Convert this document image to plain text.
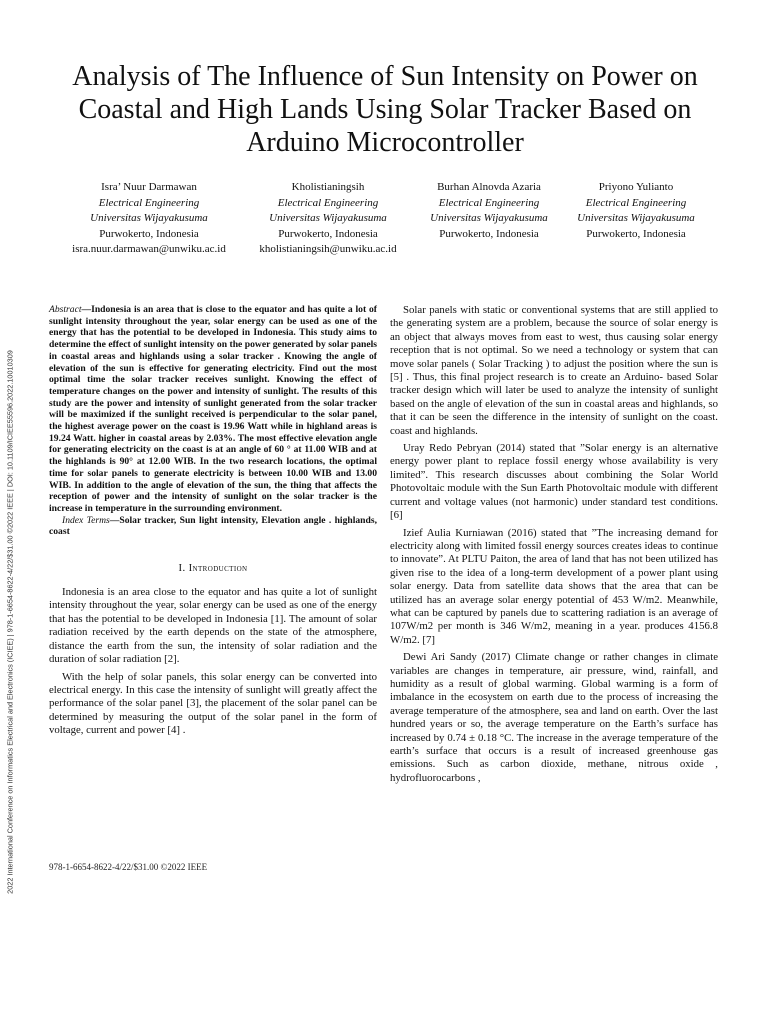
2022 International Conference on Informatics Electrical and Electronics (ICIEE) | 978-1-6654-8622-4/22/$31.00 ©2022 IEEE | DOI: 10.1109/ICIEE55596.2022.10010309
Analysis of The Influence of Sun Intensity on Power on Coastal and High Lands Using Solar Tracker Based on Arduino Microcontroller
Isra’ Nuur Darmawan
Electrical Engineering
Universitas Wijayakusuma
Purwokerto, Indonesia
isra.nuur.darmawan@unwiku.ac.id
Kholistianingsih
Electrical Engineering
Universitas Wijayakusuma
Purwokerto, Indonesia
kholistianingsih@unwiku.ac.id
Burhan Alnovda Azaria
Electrical Engineering
Universitas Wijayakusuma
Purwokerto, Indonesia
Priyono Yulianto
Electrical Engineering
Universitas Wijayakusuma
Purwokerto, Indonesia

Abstract—Indonesia is an area that is close to the equator and has quite a lot of sunlight intensity throughout the year, solar energy can be used as one of the energy that has the potential to be developed in Indonesia. This study aims to determine the effect of sunlight intensity on the power generated by solar panels in coastal areas and highlands using a solar tracker . Knowing the angle of elevation of the sun is effective for generating electricity. Find out the most optimal time the solar tracker receives sunlight. Knowing the effect of temperature changes on the power and intensity of sunlight. The results of this study are the power and intensity of sunlight generated from the solar tracker will be maximized if the sunlight received is perpendicular to the solar panel, the highest average power on the coast is 19.96 Watt while in highland areas is 19.24 Watt. higher in coastal areas by 2.03%. The most effective elevation angle for generating electricity on the coast is at an angle of 60 ° at 11.00 WIB and at the highlands is 90° at 12.00 WIB. In the two research locations, the optimal time for solar panels to generate electricity is between 10.00 WIB and 13.00 WIB. In addition to the angle of elevation of the sun, the thing that affects the reception of power and the intensity of sunlight on the solar tracker is the increase in temperature in the surrounding environment.

Index Terms—Solar tracker, Sun light intensity, Elevation angle . highlands, coast

I. Introduction

Indonesia is an area close to the equator and has quite a lot of sunlight intensity throughout the year, solar energy can be used as one of the energy that has the potential to be developed in Indonesia [1]. The amount of solar radiation received by the earth depends on the state of the atmosphere, distance the earth from the sun, the intensity of solar radiation and the duration of solar radiation [2].

With the help of solar panels, this solar energy can be converted into electrical energy. In this case the intensity of sunlight will greatly affect the performance of the solar panel [3], the placement of the solar panel can be determined by measuring the output of the solar panel in the form of voltage, current and power [4] .

Solar panels with static or conventional systems that are still applied to the generating system are a problem, because the source of solar energy is an object that always moves from east to west, thus causing solar energy reception that is not optimal. So we need a technology or system that can move solar panels ( Solar Tracking ) to adjust the position where the sun is [5] . Thus, this final project research is to create an Arduino- based Solar tracker design which will later be used to analyze the intensity of sunlight based on the angle of elevation of the sun in coastal areas and highlands, so that it can be seen the difference in the intensity of sunlight on the coast. coast and highlands.

Uray Redo Pebryan (2014) stated that ”Solar energy is an alternative energy power plant to replace fossil energy whose availability is very limited”. This research discusses about combining the Solar World Photovoltaic module with the Sun Earth Photovoltaic module with different current and voltage values (not harmonic) under standard test conditions. [6]

Izief Aulia Kurniawan (2016) stated that ”The increasing demand for electricity along with limited fossil energy sources creates ideas to continue to innovate”. At PLTU Paiton, the area of land that has not been utilized has given rise to the idea of a long-term development of a power plant using solar energy. Data from satellite data shows that the area that can be utilized has an average solar energy potential of 453 W/m2. Meanwhile, what can be captured by panels due to scattering radiation is an average of 107W/m2 per month is 346 W/m2, meaning in a year. produces 4156.8 W/m2. [7]

Dewi Ari Sandy (2017) Climate change or rather changes in climate variables are changes in temperature, air pressure, wind, rainfall, and humidity as a result of global warming. Global warming is a form of imbalance in the ecosystem on earth due to the process of increasing the average temperature of the atmosphere, sea and land on earth. Over the last hundred years or so, the average temperature on the Earth’s surface has increased by 0.74 ± 0.18 °C. The increase in the average temperature of the earth’s surface that occurs is a result of increased greenhouse gas emissions. Such as carbon dioxide, methane, nitrous oxide , hydrofluorocarbons ,

978-1-6654-8622-4/22/$31.00 ©2022 IEEE
